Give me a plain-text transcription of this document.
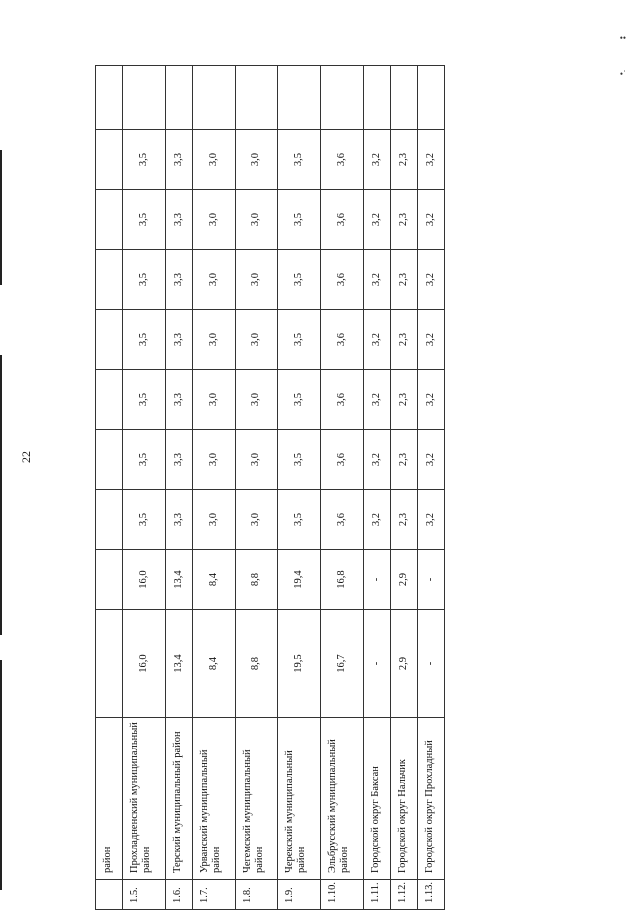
22
••
•˙
	район										
1.5.	Прохладненский муниципальный район	16,0	16,0	3,5	3,5	3,5	3,5	3,5	3,5	3,5	
1.6.	Терский муниципальный район	13,4	13,4	3,3	3,3	3,3	3,3	3,3	3,3	3,3	
1.7.	Урванский муниципальный район	8,4	8,4	3,0	3,0	3,0	3,0	3,0	3,0	3,0	
1.8.	Чегемский муниципальный район	8,8	8,8	3,0	3,0	3,0	3,0	3,0	3,0	3,0	
1.9.	Черекский муниципальный район	19,5	19,4	3,5	3,5	3,5	3,5	3,5	3,5	3,5	
1.10.	Эльбрусский муниципальный район	16,7	16,8	3,6	3,6	3,6	3,6	3,6	3,6	3,6	
1.11.	Городской округ Баксан	-	-	3,2	3,2	3,2	3,2	3,2	3,2	3,2	
1.12.	Городской округ Нальчик	2,9	2,9	2,3	2,3	2,3	2,3	2,3	2,3	2,3	
1.13.	Городской округ Прохладный	-	-	3,2	3,2	3,2	3,2	3,2	3,2	3,2	
